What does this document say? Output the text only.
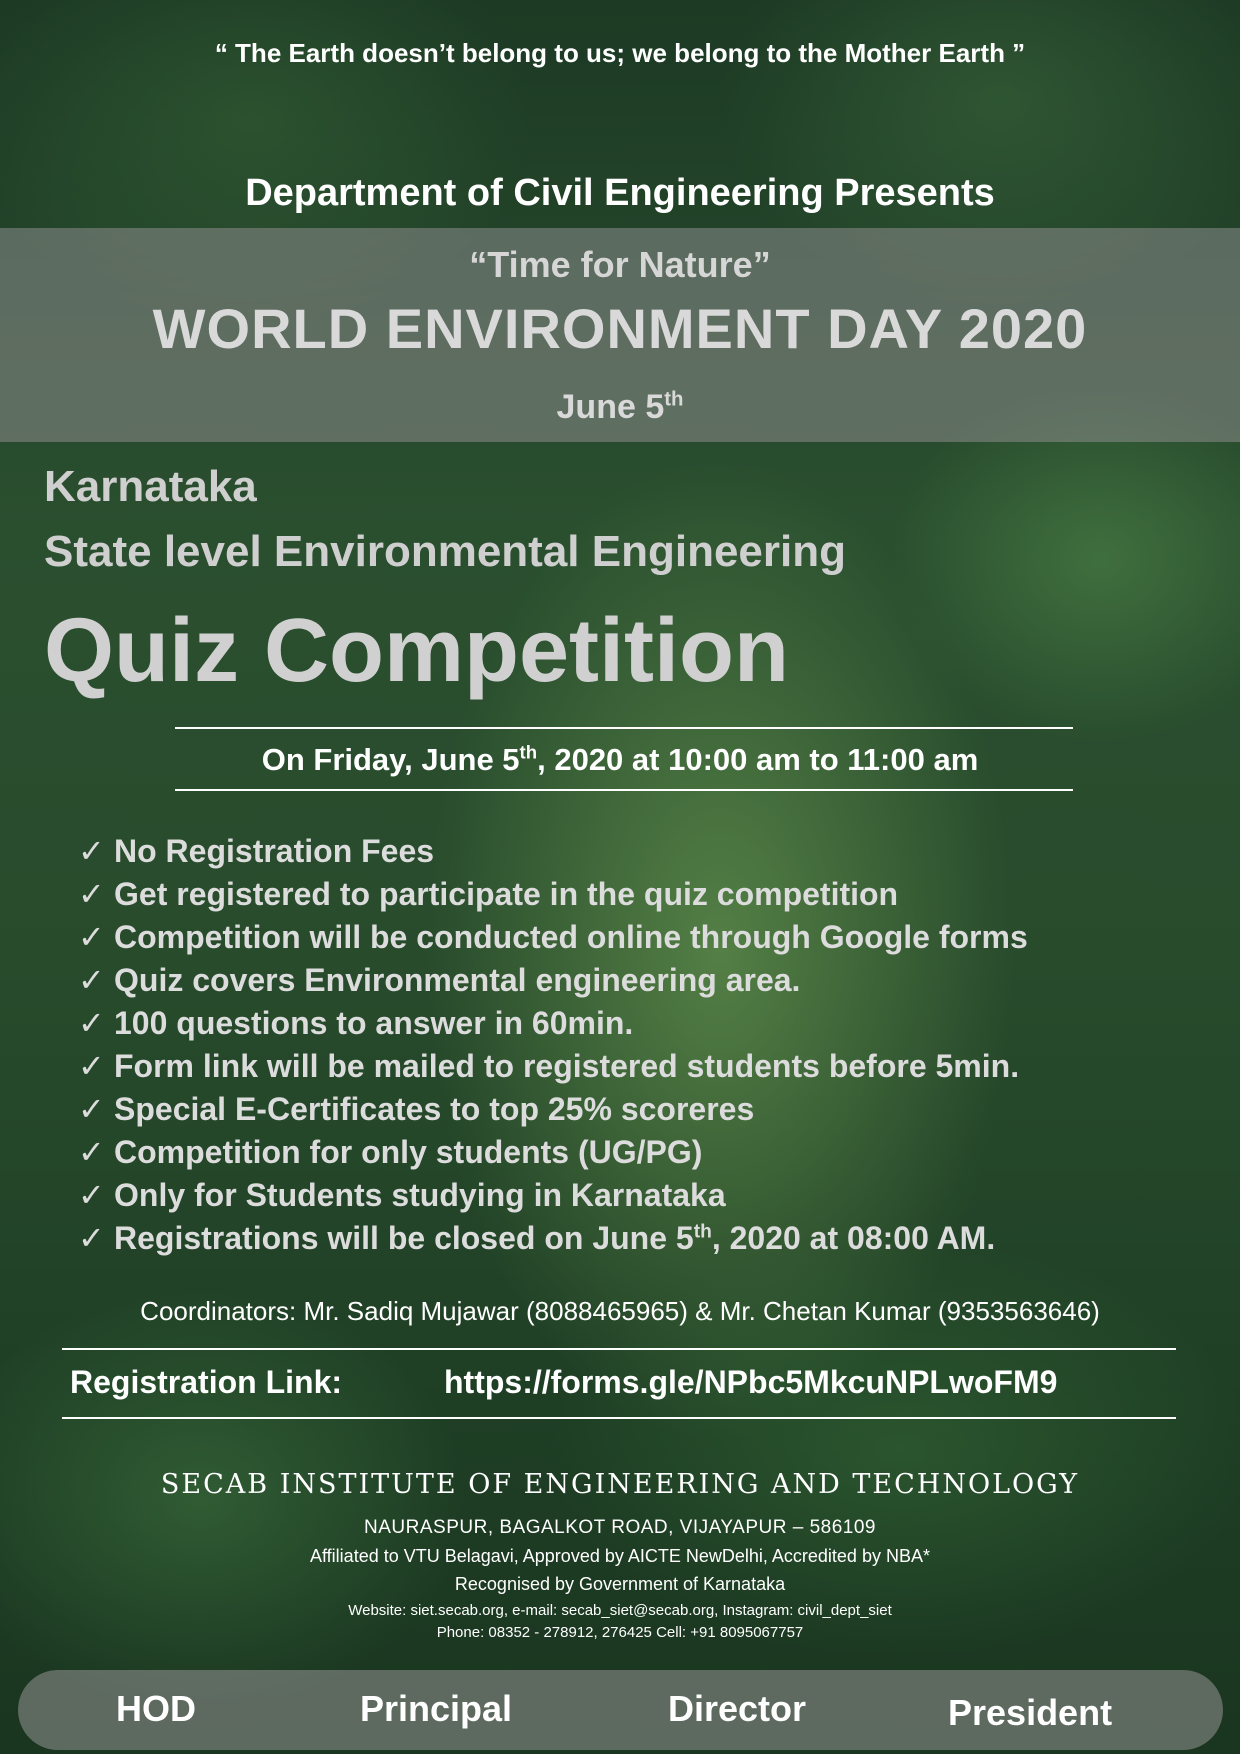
“ The Earth doesn’t belong to us; we belong to the Mother Earth ”
Department of Civil Engineering Presents
“Time for Nature”
WORLD ENVIRONMENT DAY 2020
June 5th
Karnataka
State level Environmental Engineering
Quiz Competition
On Friday, June 5th, 2020 at 10:00 am to 11:00 am
✓ No Registration Fees
✓ Get registered to participate in the quiz competition
✓ Competition will be conducted online through Google forms
✓ Quiz covers Environmental engineering area.
✓ 100 questions to answer in 60min.
✓ Form link will be mailed to registered students before 5min.
✓ Special E-Certificates to top 25% scoreres
✓ Competition for only students (UG/PG)
✓ Only for Students studying in Karnataka
✓ Registrations will be closed on June 5th, 2020 at 08:00 AM.
Coordinators: Mr. Sadiq Mujawar (8088465965) & Mr. Chetan Kumar (9353563646)
Registration Link:	https://forms.gle/NPbc5MkcuNPLwoFM9
SECAB INSTITUTE OF ENGINEERING AND TECHNOLOGY
NAURASPUR, BAGALKOT ROAD, VIJAYAPUR – 586109
Affiliated to VTU Belagavi, Approved by AICTE NewDelhi, Accredited by NBA*
Recognised by Government of Karnataka
Website: siet.secab.org, e-mail: secab_siet@secab.org, Instagram: civil_dept_siet
Phone: 08352 - 278912, 276425 Cell: +91 8095067757
HOD	Principal	Director	President
